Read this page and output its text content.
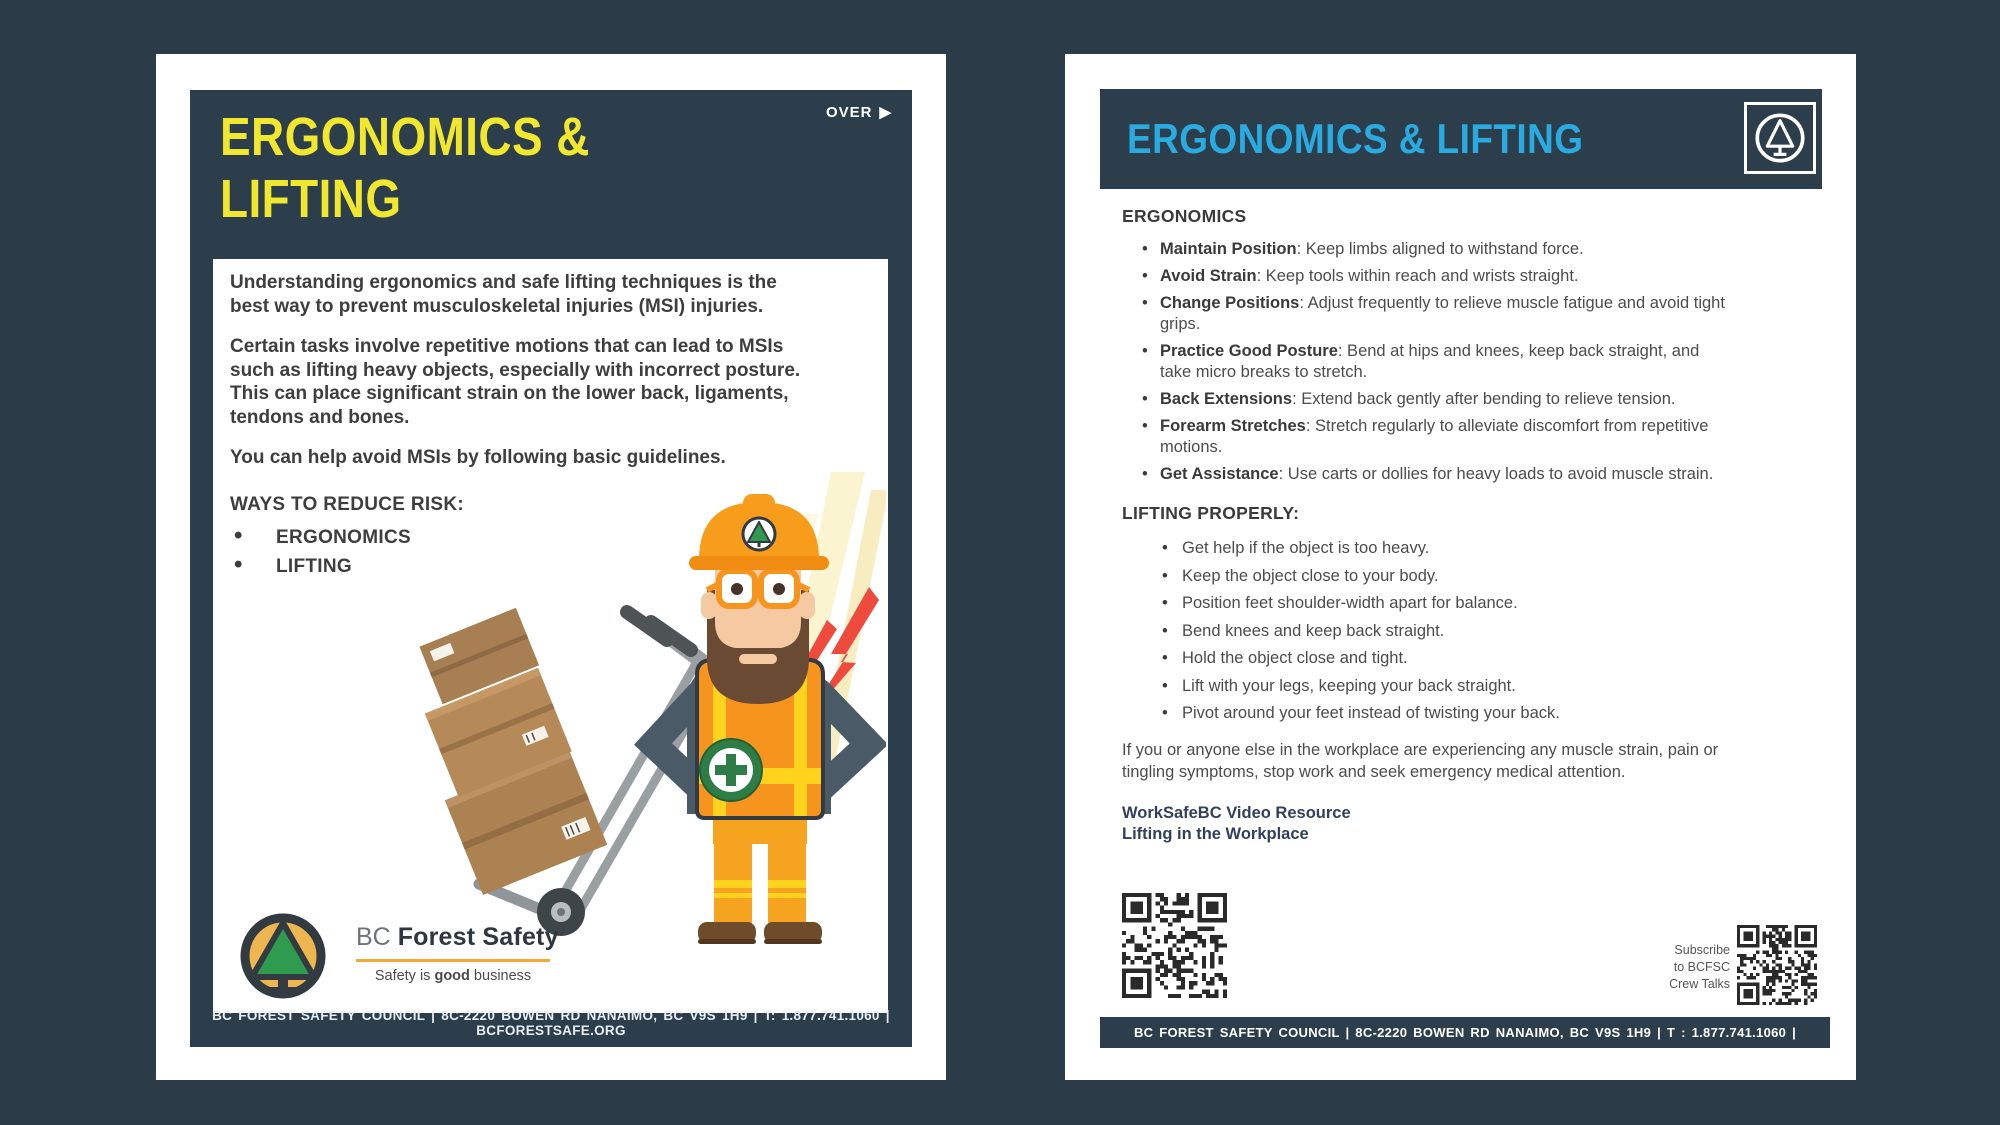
OVER ▶
ERGONOMICS &
LIFTING

Understanding ergonomics and safe lifting techniques is the best way to prevent musculoskeletal injuries (MSI) injuries.

Certain tasks involve repetitive motions that can lead to MSIs such as lifting heavy objects, especially with incorrect posture. This can place significant strain on the lower back, ligaments, tendons and bones.

You can help avoid MSIs by following basic guidelines.

WAYS TO REDUCE RISK:
• ERGONOMICS
• LIFTING
BC Forest Safety
Safety is good business
BC FOREST SAFETY COUNCIL | 8C-2220 BOWEN RD NANAIMO, BC V9S 1H9 | T: 1.877.741.1060 | BCFORESTSAFE.ORG
ERGONOMICS & LIFTING
ERGONOMICS
• Maintain Position: Keep limbs aligned to withstand force.
• Avoid Strain: Keep tools within reach and wrists straight.
• Change Positions: Adjust frequently to relieve muscle fatigue and avoid tight grips.
• Practice Good Posture: Bend at hips and knees, keep back straight, and take micro breaks to stretch.
• Back Extensions: Extend back gently after bending to relieve tension.
• Forearm Stretches: Stretch regularly to alleviate discomfort from repetitive motions.
• Get Assistance: Use carts or dollies for heavy loads to avoid muscle strain.
LIFTING PROPERLY:
• Get help if the object is too heavy.
• Keep the object close to your body.
• Position feet shoulder-width apart for balance.
• Bend knees and keep back straight.
• Hold the object close and tight.
• Lift with your legs, keeping your back straight.
• Pivot around your feet instead of twisting your back.

If you or anyone else in the workplace are experiencing any muscle strain, pain or tingling symptoms, stop work and seek emergency medical attention.

WorkSafeBC Video Resource
Lifting in the Workplace

Subscribe
to BCFSC
Crew Talks
BC FOREST SAFETY COUNCIL | 8C-2220 BOWEN RD NANAIMO, BC V9S 1H9 | T : 1.877.741.1060 | BCFORESTSAFE.ORG
